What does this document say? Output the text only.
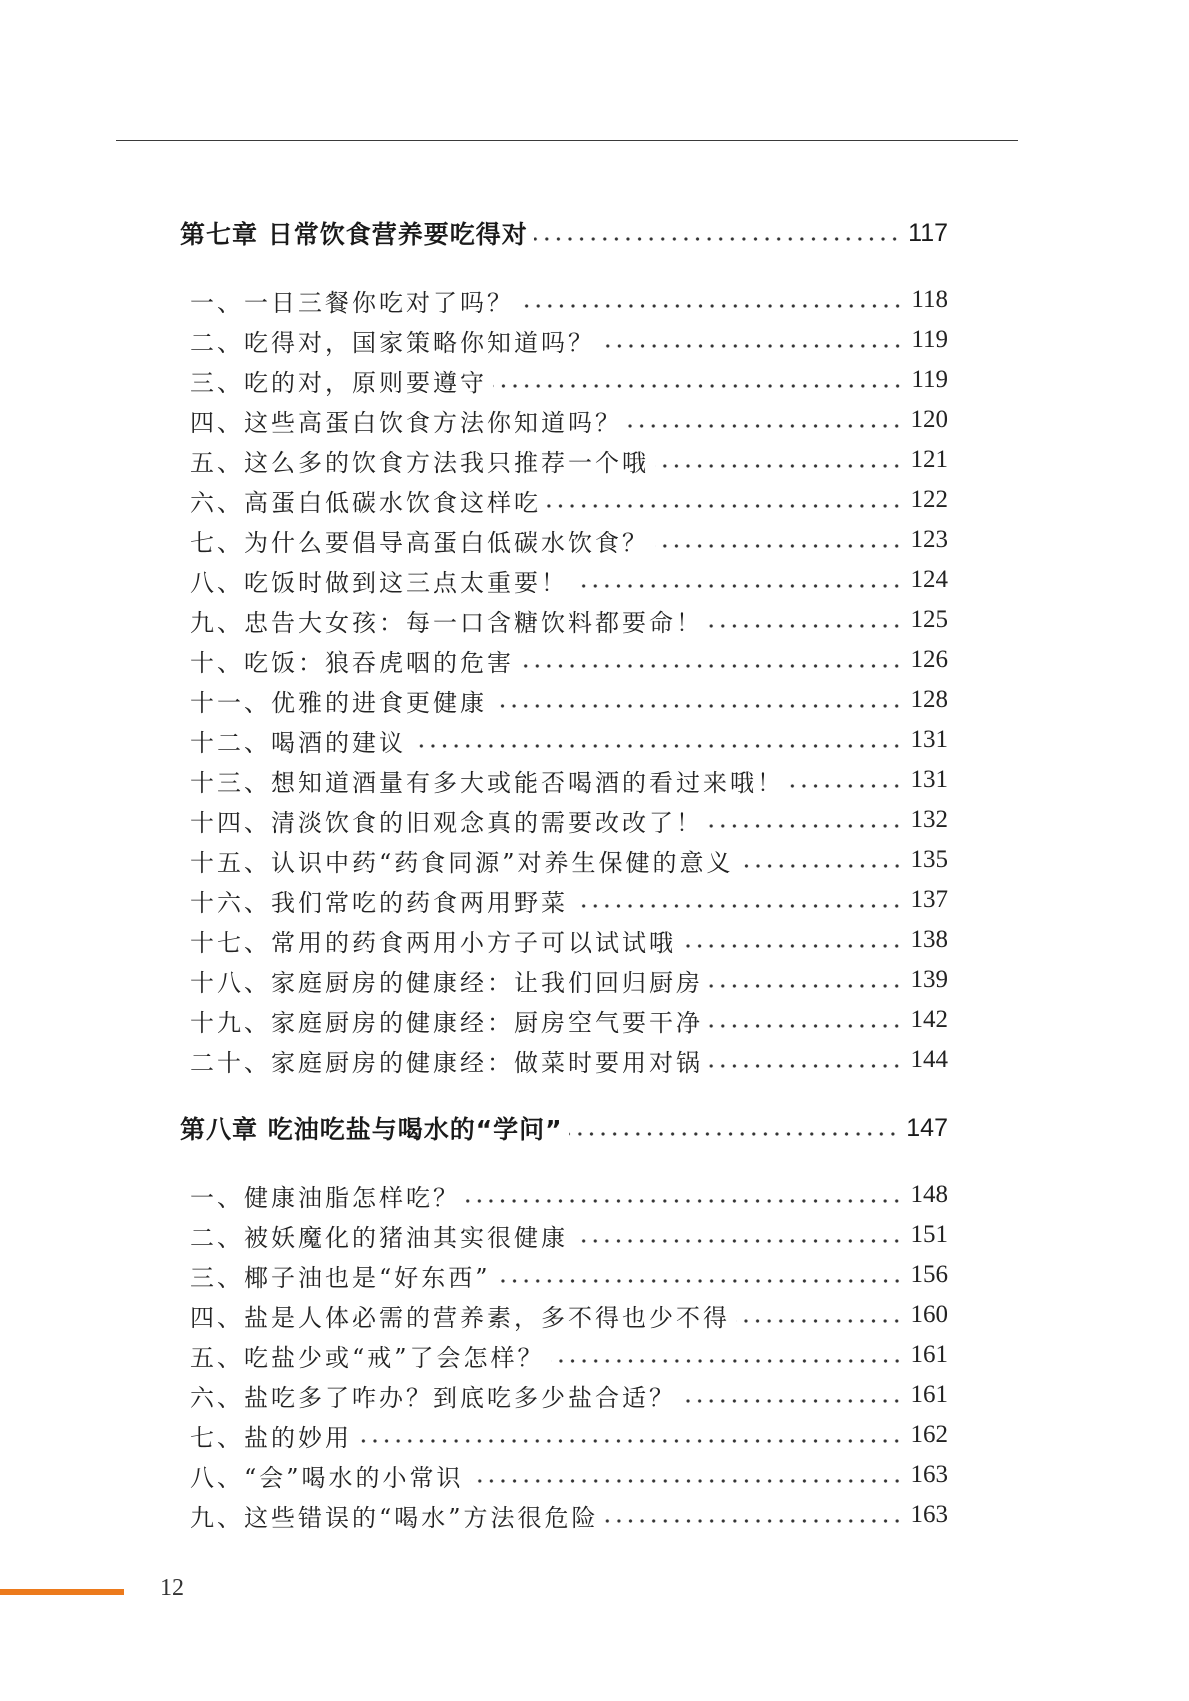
第七章 日常饮食营养要吃得对	117
一、一日三餐你吃对了吗？	118
二、吃得对，国家策略你知道吗？	119
三、吃的对，原则要遵守	119
四、这些高蛋白饮食方法你知道吗？	120
五、这么多的饮食方法我只推荐一个哦	121
六、高蛋白低碳水饮食这样吃	122
七、为什么要倡导高蛋白低碳水饮食？	123
八、吃饭时做到这三点太重要！	124
九、忠告大女孩：每一口含糖饮料都要命！	125
十、吃饭：狼吞虎咽的危害	126
十一、优雅的进食更健康	128
十二、喝酒的建议	131
十三、想知道酒量有多大或能否喝酒的看过来哦！	131
十四、清淡饮食的旧观念真的需要改改了！	132
十五、认识中药“药食同源”对养生保健的意义	135
十六、我们常吃的药食两用野菜	137
十七、常用的药食两用小方子可以试试哦	138
十八、家庭厨房的健康经：让我们回归厨房	139
十九、家庭厨房的健康经：厨房空气要干净	142
二十、家庭厨房的健康经：做菜时要用对锅	144
第八章 吃油吃盐与喝水的“学问”	147
一、健康油脂怎样吃？	148
二、被妖魔化的猪油其实很健康	151
三、椰子油也是“好东西”	156
四、盐是人体必需的营养素，多不得也少不得	160
五、吃盐少或“戒”了会怎样？	161
六、盐吃多了咋办？到底吃多少盐合适？	161
七、盐的妙用	162
八、“会”喝水的小常识	163
九、这些错误的“喝水”方法很危险	163
12
